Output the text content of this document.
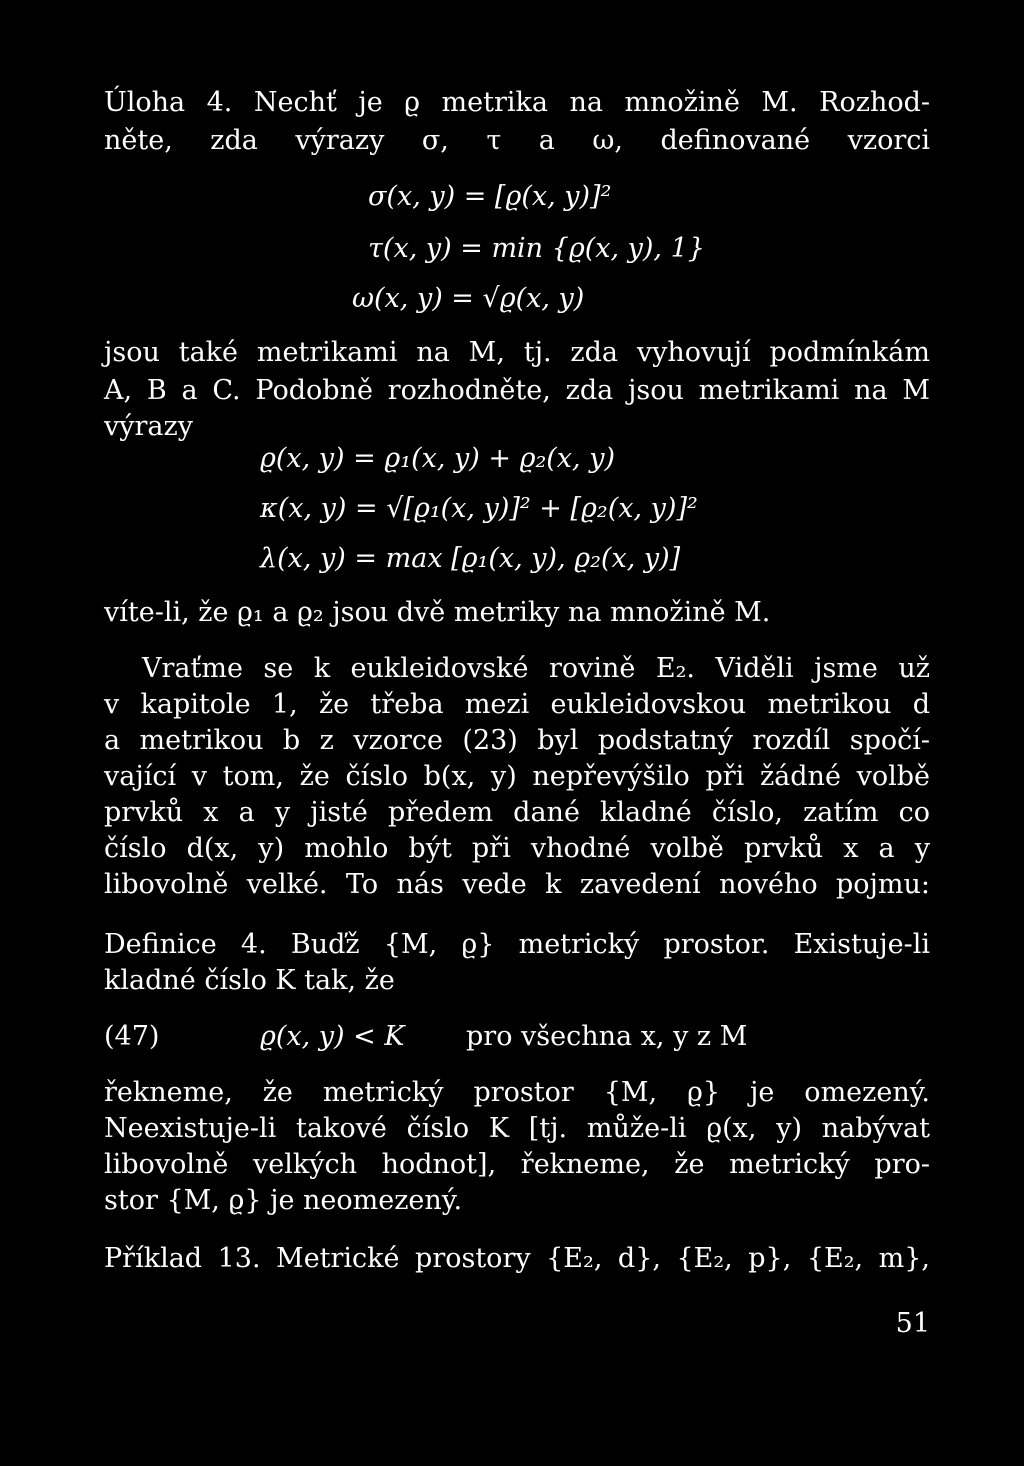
Úloha 4. Nechť je ϱ metrika na množině M. Rozhod-
něte, zda výrazy σ, τ a ω, definované vzorci
σ(x, y) = [ϱ(x, y)]²
τ(x, y) = min {ϱ(x, y), 1}
ω(x, y) = √ϱ(x, y)
jsou také metrikami na M, tj. zda vyhovují podmínkám
A, B a C. Podobně rozhodněte, zda jsou metrikami na M
výrazy
ϱ(x, y) = ϱ₁(x, y) + ϱ₂(x, y)
κ(x, y) = √[ϱ₁(x, y)]² + [ϱ₂(x, y)]²
λ(x, y) = max [ϱ₁(x, y), ϱ₂(x, y)]
víte-li, že ϱ₁ a ϱ₂ jsou dvě metriky na množině M.
Vraťme se k eukleidovské rovině E₂. Viděli jsme už
v kapitole 1, že třeba mezi eukleidovskou metrikou d
a metrikou b z vzorce (23) byl podstatný rozdíl spočí-
vající v tom, že číslo b(x, y) nepřevýšilo při žádné volbě
prvků x a y jisté předem dané kladné číslo, zatím co
číslo d(x, y) mohlo být při vhodné volbě prvků x a y
libovolně velké. To nás vede k zavedení nového pojmu:
Definice 4. Buďž {M, ϱ} metrický prostor. Existuje-li
kladné číslo K tak, že
(47)	ϱ(x, y) < K pro všechna x, y z M
řekneme, že metrický prostor {M, ϱ} je omezený.
Neexistuje-li takové číslo K [tj. může-li ϱ(x, y) nabývat
libovolně velkých hodnot], řekneme, že metrický pro-
stor {M, ϱ} je neomezený.
Příklad 13. Metrické prostory {E₂, d}, {E₂, p}, {E₂, m},
51
